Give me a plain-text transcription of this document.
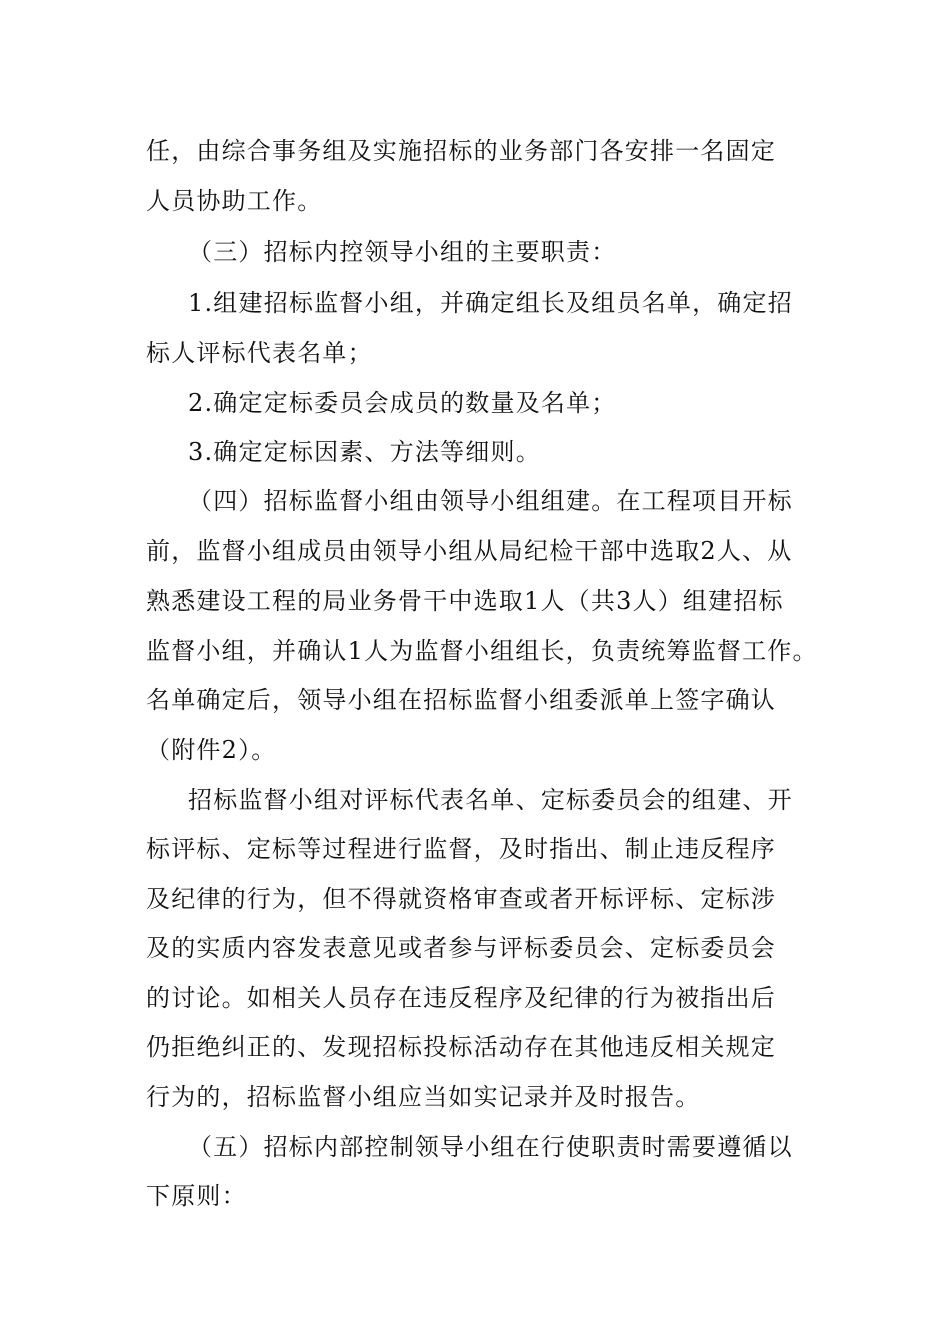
任，由综合事务组及实施招标的业务部门各安排一名固定
人员协助工作。
（三）招标内控领导小组的主要职责：
1.组建招标监督小组，并确定组长及组员名单，确定招
标人评标代表名单；
2.确定定标委员会成员的数量及名单；
3.确定定标因素、方法等细则。
（四）招标监督小组由领导小组组建。在工程项目开标
前，监督小组成员由领导小组从局纪检干部中选取2人、从
熟悉建设工程的局业务骨干中选取1人（共3人）组建招标
监督小组，并确认1人为监督小组组长，负责统筹监督工作。
名单确定后，领导小组在招标监督小组委派单上签字确认
（附件2）。
招标监督小组对评标代表名单、定标委员会的组建、开
标评标、定标等过程进行监督，及时指出、制止违反程序
及纪律的行为，但不得就资格审查或者开标评标、定标涉
及的实质内容发表意见或者参与评标委员会、定标委员会
的讨论。如相关人员存在违反程序及纪律的行为被指出后
仍拒绝纠正的、发现招标投标活动存在其他违反相关规定
行为的，招标监督小组应当如实记录并及时报告。
（五）招标内部控制领导小组在行使职责时需要遵循以
下原则：
